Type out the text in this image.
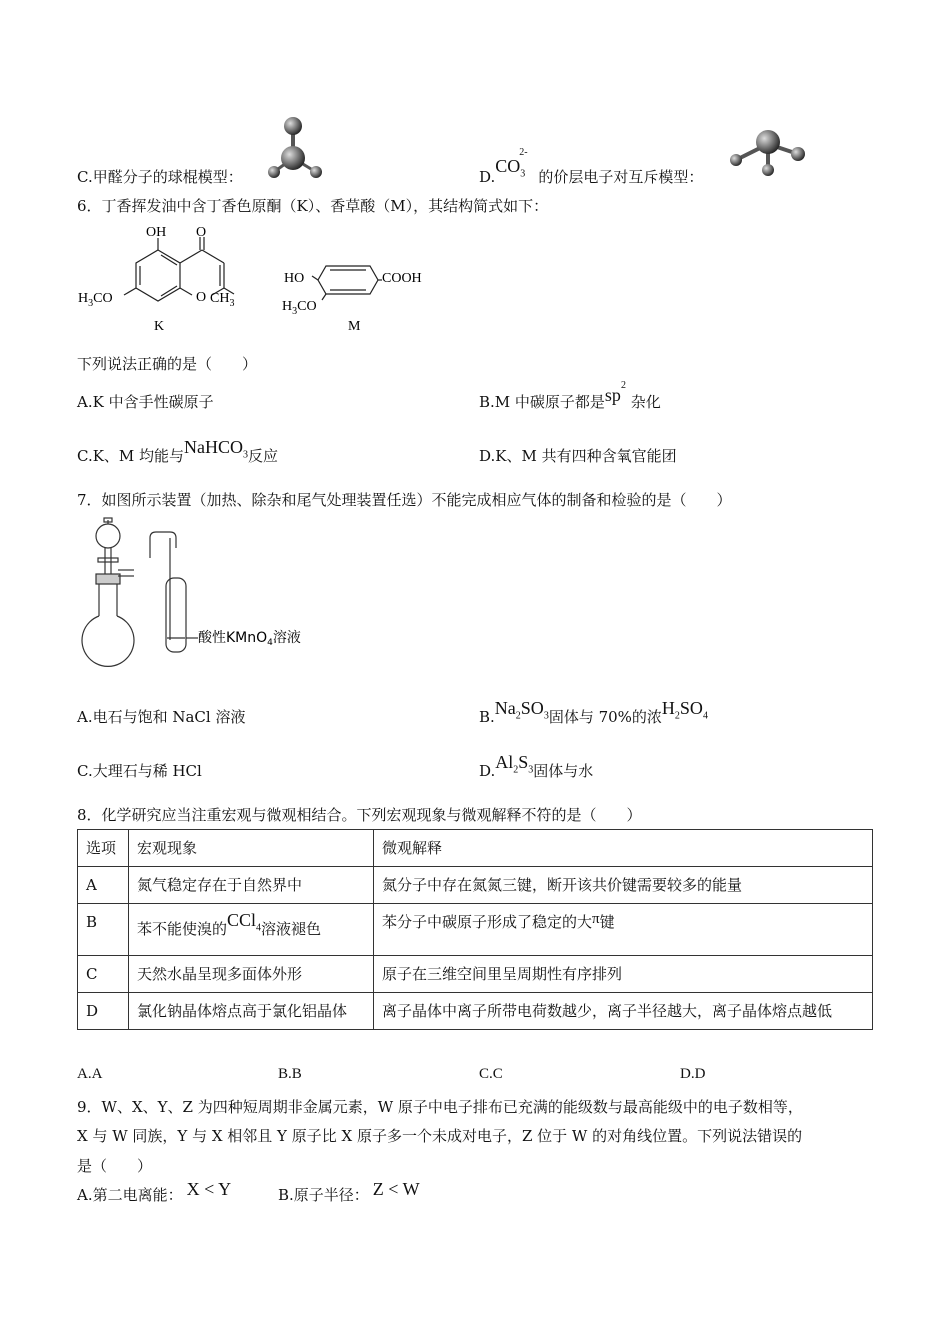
C.甲醛分子的球棍模型：	$D.CO_3^{2-}$ 的价层电子对互斥模型：
6．丁香挥发油中含丁香色原酮（K）、香草酸（M），其结构简式如下：
OH O
O
$H_3CO$	$CH_3$
K
HO	COOH
$H_3CO$
M
下列说法正确的是（　　）
A.K 中含手性碳原子	B.M 中碳原子都是$sp^2$ 杂化
C.K、M 均能与NaHCO$_3$反应	D.K、M 共有四种含氧官能团
7．如图所示装置（加热、除杂和尾气处理装置任选）不能完成相应气体的制备和检验的是（　　）
酸性KMnO$_4$溶液
A.电石与饱和 NaCl 溶液	$B.Na_2SO_3$固体与 70%的浓$H_2SO_4$
C.大理石与稀 HCl	$D.Al_2S_3$固体与水
8．化学研究应当注重宏观与微观相结合。下列宏观现象与微观解释不符的是（　　）
选项	宏观现象	微观解释
A	氮气稳定存在于自然界中	氮分子中存在氮氮三键，断开该共价键需要较多的能量
B	苯不能使溴的CCl$_4$溶液褪色	苯分子中碳原子形成了稳定的大π键
C	天然水晶呈现多面体外形	原子在三维空间里呈周期性有序排列
D	氯化钠晶体熔点高于氯化铝晶体	离子晶体中离子所带电荷数越少，离子半径越大，离子晶体熔点越低
A.A	B.B	C.C	D.D
9．W、X、Y、Z 为四种短周期非金属元素，W 原子中电子排布已充满的能级数与最高能级中的电子数相等，
X 与 W 同族，Y 与 X 相邻且 Y 原子比 X 原子多一个未成对电子，Z 位于 W 的对角线位置。下列说法错误的
是（　　）
A.第二电离能： X < Y	B.原子半径： Z < W
